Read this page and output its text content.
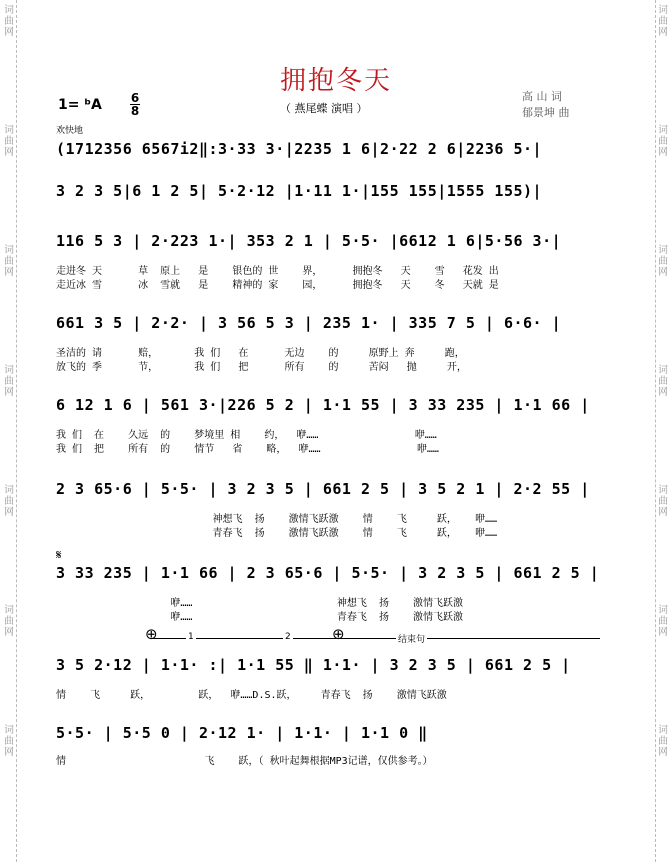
词
曲
网
词
曲
网
词
曲
网
词
曲
网
词
曲
网
词
曲
网
词
曲
网
词
曲
网
词
曲
网
词
曲
网
词
曲
网
词
曲
网
词
曲
网
词
曲
网
拥抱冬天
（ 燕尾蝶 演唱 ）
高 山 词
郁景坤 曲
1= ᵇA 6
8
欢快地
(1712356 6567i2‖:3·33 3·|2235 1 6|2·22 2 6|2236 5·|
3 2 3 5|6 1 2 5| 5·2·12 |1·11 1·|155 155|1555 155)|
116 5 3 | 2·223 1·| 353 2 1 | 5·5· |6612 1 6|5·56 3·|
走进冬 天      草  原上   是    银色的 世    界，     拥抱冬   天    雪   花发 出
走近冰 雪      冰  雪就   是    精神的 家    园，     拥抱冬   天    冬   天就 是
661 3 5 | 2·2· | 3 56 5 3 | 235 1· | 335 7 5 | 6·6· |
圣洁的 请      赔，      我 们   在      无边    的     原野上 奔     跑，
放飞的 季      节，      我 们   把      所有    的     苦闷   抛     开，
6 12 1 6 | 561 3·|226 5 2 | 1·1 55 | 3 33 235 | 1·1 66 |
我 们  在    久远  的    梦境里 相    约，  咿……                咿……
我 们  把    所有  的    情节   省    略，  咿……                咿……
2 3 65·6 | 5·5· | 3 2 3 5 | 661 2 5 | 3 5 2 1 | 2·2 55 |
神想飞  扬    激情飞跃激    情    飞     跃，   咿……
青春飞  扬    激情飞跃激    情    飞     跃，   咿……
𝄋
3 33 235 | 1·1 66 | 2 3 65·6 | 5·5· | 3 2 3 5 | 661 2 5 |
咿……                        神想飞  扬    激情飞跃激
咿……                        青春飞  扬    激情飞跃激
⊕	⊕
1	2	结束句
3 5 2·12 | 1·1· :| 1·1 55 ‖ 1·1· | 3 2 3 5 | 661 2 5 |
情    飞     跃，        跃，  咿……D.S.跃，    青春飞  扬    激情飞跃激
5·5· | 5·5 0 | 2·12 1· | 1·1· | 1·1 0 ‖
情                       飞    跃，（ 秋叶起舞根据MP3记谱，仅供参考。）
